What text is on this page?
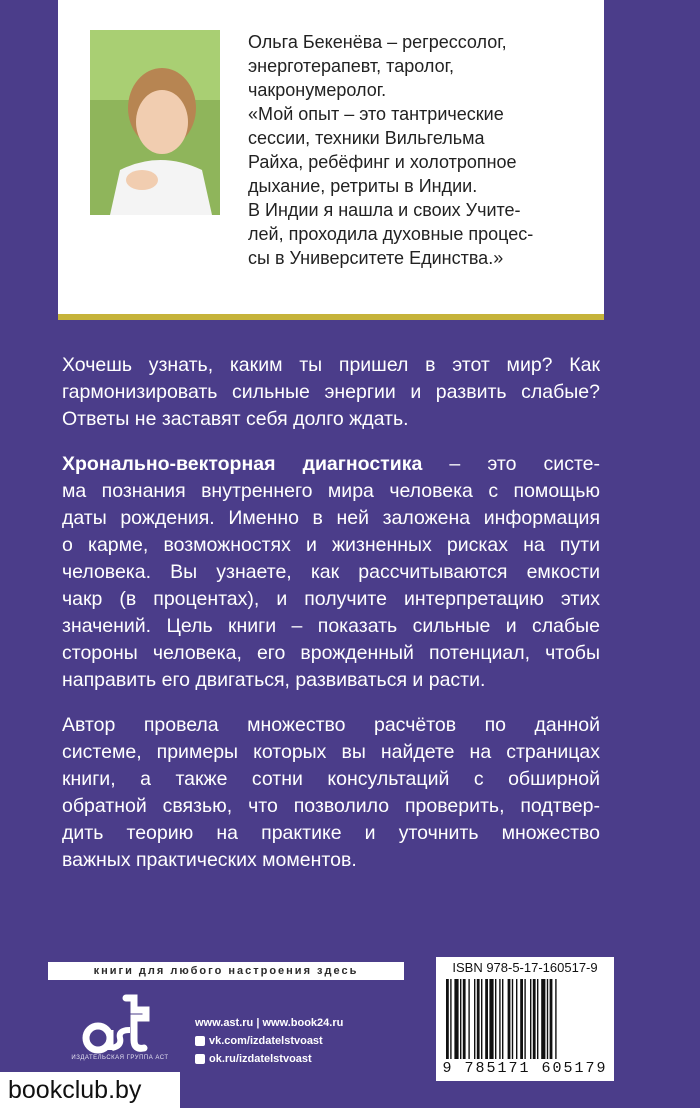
Ольга Бекенёва – регрессолог,
энерготерапевт, таролог,
чакронумеролог.
«Мой опыт – это тантрические
сессии, техники Вильгельма
Райха, ребёфинг и холотропное
дыхание, ретриты в Индии.
В Индии я нашла и своих Учите-
лей, проходила духовные процес-
сы в Университете Единства.»

Хочешь узнать, каким ты пришел в этот мир? Как
гармонизировать сильные энергии и развить слабые?
Ответы не заставят себя долго ждать.

Хронально-векторная диагностика – это систе-
ма познания внутреннего мира человека с помощью
даты рождения. Именно в ней заложена информация
о карме, возможностях и жизненных рисках на пути
человека. Вы узнаете, как рассчитываются емкости
чакр (в процентах), и получите интерпретацию этих
значений. Цель книги – показать сильные и слабые
стороны человека, его врожденный потенциал, чтобы
направить его двигаться, развиваться и расти.

Автор провела множество расчётов по данной
системе, примеры которых вы найдете на страницах
книги, а также сотни консультаций с обширной
обратной связью, что позволило проверить, подтвер-
дить теорию на практике и уточнить множество
важных практических моментов.

книги для любого настроения здесь
ИЗДАТЕЛЬСКАЯ ГРУППА АСТ
www.ast.ru | www.book24.ru
vk.com/izdatelstvoast
ok.ru/izdatelstvoast
ISBN 978-5-17-160517-9
9 785171 605179
bookclub.by
